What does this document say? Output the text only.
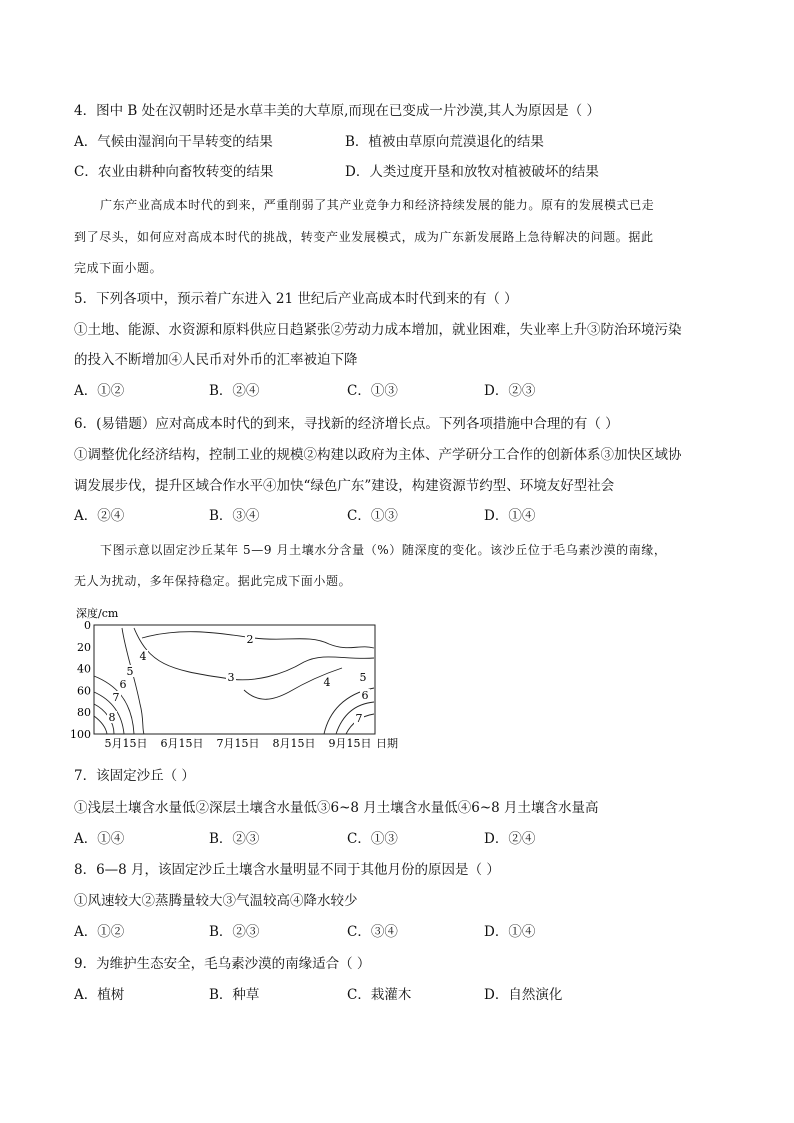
4．图中 B 处在汉朝时还是水草丰美的大草原,而现在已变成一片沙漠,其人为原因是（ ）
A．气候由湿润向干旱转变的结果	B．植被由草原向荒漠退化的结果
C．农业由耕种向畜牧转变的结果	D．人类过度开垦和放牧对植被破坏的结果
广东产业高成本时代的到来，严重削弱了其产业竞争力和经济持续发展的能力。原有的发展模式已走
到了尽头，如何应对高成本时代的挑战，转变产业发展模式，成为广东新发展路上急待解决的问题。据此
完成下面小题。
5．下列各项中，预示着广东进入 21 世纪后产业高成本时代到来的有（ ）
①土地、能源、水资源和原料供应日趋紧张②劳动力成本增加，就业困难，失业率上升③防治环境污染
的投入不断增加④人民币对外币的汇率被迫下降
A．①②	B．②④	C．①③	D．②③
6．(易错题）应对高成本时代的到来，寻找新的经济增长点。下列各项措施中合理的有（ ）
①调整优化经济结构，控制工业的规模②构建以政府为主体、产学研分工合作的创新体系③加快区域协
调发展步伐，提升区域合作水平④加快“绿色广东”建设，构建资源节约型、环境友好型社会
A．②④	B．③④	C．①③	D．①④
下图示意以固定沙丘某年 5—9 月土壤水分含量（%）随深度的变化。该沙丘位于毛乌素沙漠的南缘，
无人为扰动，多年保持稳定。据此完成下面小题。
深度/cm
0
20
40
60
80
100
5月15日 6月15日 7月15日 8月15日 9月15日 日期
2
3
4
4
5	5
6
6
7
7
8
7．该固定沙丘（ ）
①浅层土壤含水量低②深层土壤含水量低③6~8 月土壤含水量低④6~8 月土壤含水量高
A．①④	B．②③	C．①③	D．②④
8．6—8 月，该固定沙丘土壤含水量明显不同于其他月份的原因是（ ）
①风速较大②蒸腾量较大③气温较高④降水较少
A．①②	B．②③	C．③④	D．①④
9．为维护生态安全，毛乌素沙漠的南缘适合（ ）
A．植树	B．种草	C．栽灌木	D．自然演化
